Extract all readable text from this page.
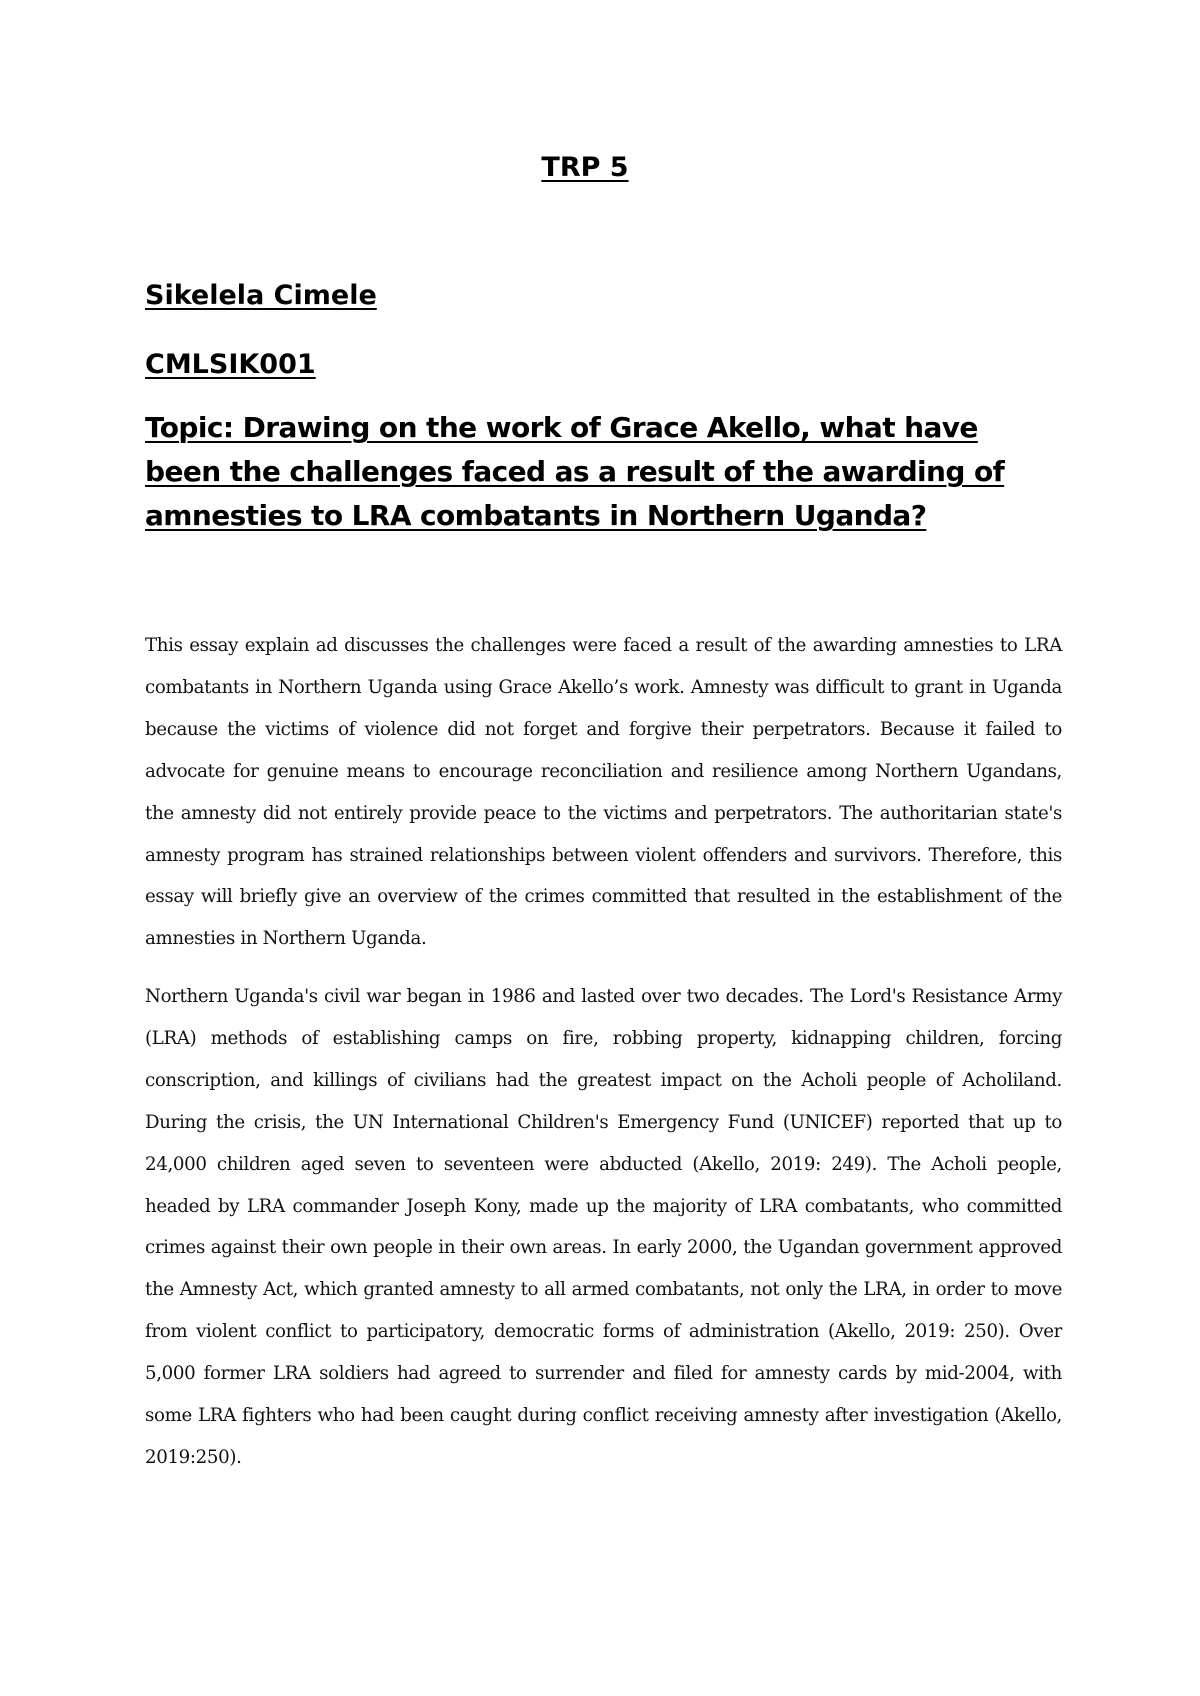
TRP 5
Sikelela Cimele
CMLSIK001
Topic: Drawing on the work of Grace Akello, what have been the challenges faced as a result of the awarding of amnesties to LRA combatants in Northern Uganda?

This essay explain ad discusses the challenges were faced a result of the awarding amnesties to LRA combatants in Northern Uganda using Grace Akello’s work. Amnesty was difficult to grant in Uganda because the victims of violence did not forget and forgive their perpetrators. Because it failed to advocate for genuine means to encourage reconciliation and resilience among Northern Ugandans, the amnesty did not entirely provide peace to the victims and perpetrators. The authoritarian state's amnesty program has strained relationships between violent offenders and survivors. Therefore, this essay will briefly give an overview of the crimes committed that resulted in the establishment of the amnesties in Northern Uganda.

Northern Uganda's civil war began in 1986 and lasted over two decades. The Lord's Resistance Army (LRA) methods of establishing camps on fire, robbing property, kidnapping children, forcing conscription, and killings of civilians had the greatest impact on the Acholi people of Acholiland. During the crisis, the UN International Children's Emergency Fund (UNICEF) reported that up to 24,000 children aged seven to seventeen were abducted (Akello, 2019: 249). The Acholi people, headed by LRA commander Joseph Kony, made up the majority of LRA combatants, who committed crimes against their own people in their own areas. In early 2000, the Ugandan government approved the Amnesty Act, which granted amnesty to all armed combatants, not only the LRA, in order to move from violent conflict to participatory, democratic forms of administration (Akello, 2019: 250). Over 5,000 former LRA soldiers had agreed to surrender and filed for amnesty cards by mid-2004, with some LRA fighters who had been caught during conflict receiving amnesty after investigation (Akello, 2019:250).
